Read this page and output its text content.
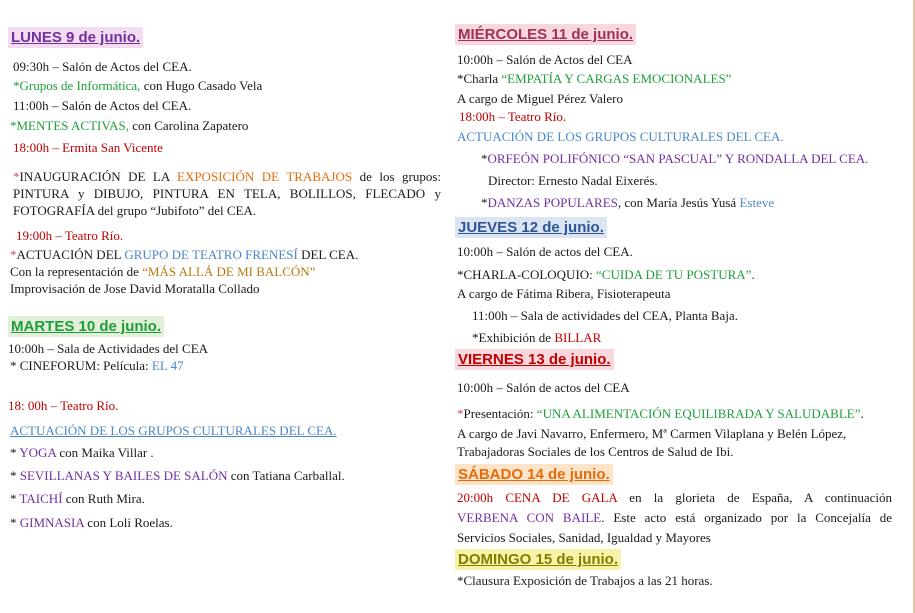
LUNES 9 de junio.
09:30h – Salón de Actos del CEA.
*Grupos de Informática, con Hugo Casado Vela
11:00h – Salón de Actos del CEA.
*MENTES ACTIVAS, con Carolina Zapatero
18:00h – Ermita San Vicente
*INAUGURACIÓN DE LA EXPOSICIÓN DE TRABAJOS de los grupos:
PINTURA y DIBUJO, PINTURA EN TELA, BOLILLOS, FLECADO y
FOTOGRAFÍA del grupo “Jubifoto” del CEA.
19:00h – Teatro Río.
*ACTUACIÓN DEL GRUPO DE TEATRO FRENESÍ DEL CEA.
Con la representación de “MÁS ALLÁ DE MI BALCÓN”
Improvisación de Jose David Moratalla Collado
MARTES 10 de junio.
10:00h – Sala de Actividades del CEA
* CINEFORUM: Película: EL 47
18: 00h – Teatro Río.
ACTUACIÓN DE LOS GRUPOS CULTURALES DEL CEA.
* YOGA con Maika Villar .
* SEVILLANAS Y BAILES DE SALÓN con Tatiana Carballal.
* TAICHÍ con Ruth Mira.
* GIMNASIA con Loli Roelas.
MIÉRCOLES 11 de junio.
10:00h – Salón de Actos del CEA
*Charla “EMPATÍA Y CARGAS EMOCIONALES”
A cargo de Miguel Pérez Valero
18:00h – Teatro Río.
ACTUACIÓN DE LOS GRUPOS CULTURALES DEL CEA.
*ORFEÓN POLIFÓNICO “SAN PASCUAL” Y RONDALLA DEL CEA.
Director: Ernesto Nadal Eixerés.
*DANZAS POPULARES, con María Jesús Yusá Esteve
JUEVES 12 de junio.
10:00h – Salón de actos del CEA.
*CHARLA-COLOQUIO: “CUIDA DE TU POSTURA”.
A cargo de Fátima Ribera, Fisioterapeuta
11:00h – Sala de actividades del CEA, Planta Baja.
*Exhibición de BILLAR
VIERNES 13 de junio.
10:00h – Salón de actos del CEA
*Presentación: “UNA ALIMENTACIÓN EQUILIBRADA Y SALUDABLE”.
A cargo de Javi Navarro, Enfermero, Mª Carmen Vilaplana y Belén López,
Trabajadoras Sociales de los Centros de Salud de Ibi.
SÁBADO 14 de junio.
20:00h CENA DE GALA en la glorieta de España, A continuación
VERBENA CON BAILE. Este acto está organizado por la Concejalía de
Servicios Sociales, Sanidad, Igualdad y Mayores
DOMINGO 15 de junio.
*Clausura Exposición de Trabajos a las 21 horas.
